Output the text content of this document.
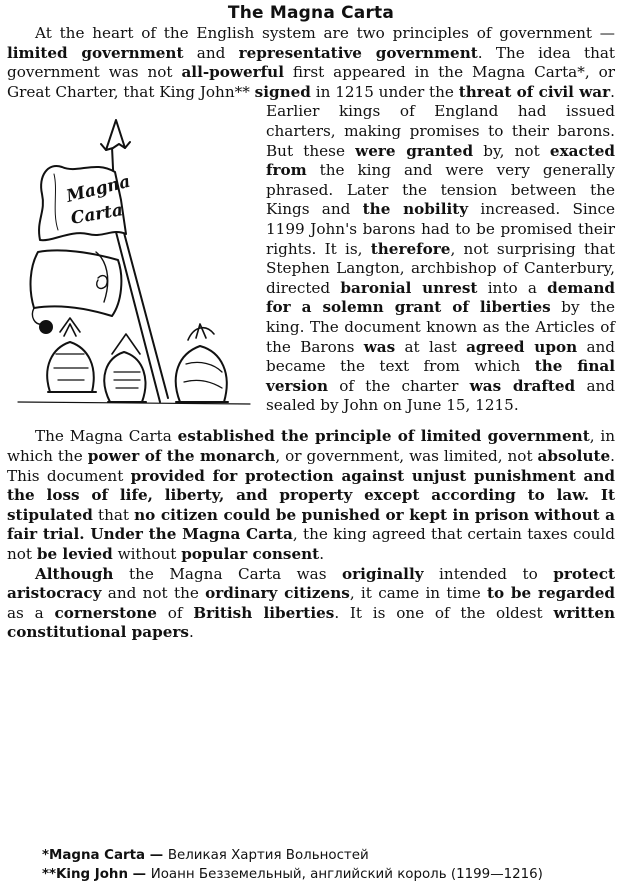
The Magna Carta

At the heart of the English system are two principles of government — limited government and representative government. The idea that government was not all-powerful first appeared in the Magna Carta*, or Great Charter, that King John** signed in 1215 under the threat of civil war.

Magna
Carta

Earlier kings of England had issued charters, making promises to their barons. But these were granted by, not exacted from the king and were very generally phrased. Later the tension between the Kings and the nobility increased. Since 1199 John's barons had to be promised their rights. It is, therefore, not surprising that Stephen Langton, archbishop of Canterbury, directed baronial unrest into a demand for a solemn grant of liberties by the king. The document known as the Articles of the Barons was at last agreed upon and became the text from which the final version of the charter was drafted and sealed by John on June 15, 1215.

The Magna Carta established the principle of limited government, in which the power of the monarch, or government, was limited, not absolute. This document provided for protection against unjust punishment and the loss of life, liberty, and property except according to law. It stipulated that no citizen could be punished or kept in prison without a fair trial. Under the Magna Carta, the king agreed that certain taxes could not be levied without popular consent.

Although the Magna Carta was originally intended to protect aristocracy and not the ordinary citizens, it came in time to be regarded as a cornerstone of British liberties. It is one of the oldest written constitutional papers.

*Magna Carta — Великая Хартия Вольностей
**King John — Иоанн Безземельный, английский король (1199—1216)
